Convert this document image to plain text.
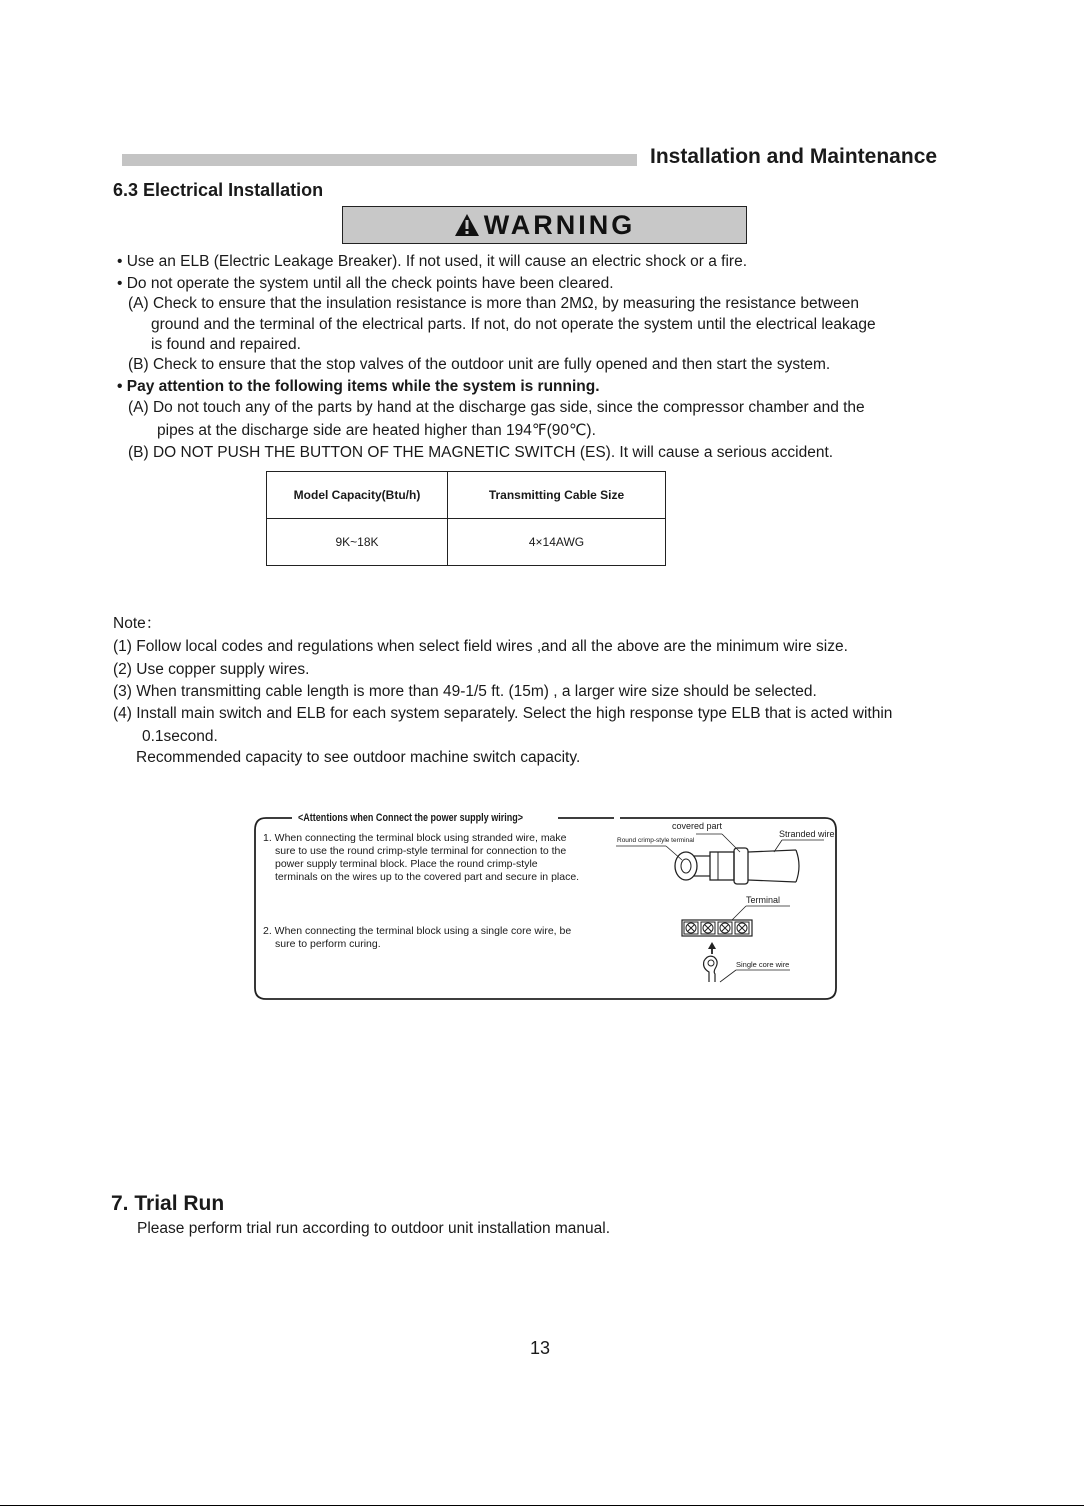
Installation and Maintenance
6.3 Electrical Installation
WARNING
• Use an ELB (Electric Leakage Breaker). If not used, it will cause an electric shock or a fire.
• Do not operate the system until all the check points have been cleared.
(A) Check to ensure that the insulation resistance is more than 2MΩ, by measuring the resistance between
ground and the terminal of the electrical parts. If not, do not operate the system until the electrical leakage
is found and repaired.
(B) Check to ensure that the stop valves of the outdoor unit are fully opened and then start the system.
• Pay attention to the following items while the system is running.
(A) Do not touch any of the parts by hand at the discharge gas side, since the compressor chamber and the
pipes at the discharge side are heated higher than 194℉(90℃).
(B) DO NOT PUSH THE BUTTON OF THE MAGNETIC SWITCH (ES). It will cause a serious accident.
Model Capacity(Btu/h)	Transmitting Cable Size
9K~18K	4×14AWG
Note：
(1) Follow local codes and regulations when select field wires ,and all the above are the minimum wire size.
(2) Use copper supply wires.
(3) When transmitting cable length is more than 49-1/5 ft. (15m) , a larger wire size should be selected.
(4) Install main switch and ELB for each system separately. Select the high response type ELB that is acted within
0.1second.
Recommended capacity to see outdoor machine switch capacity.
<Attentions when Connect the power supply wiring>
1. When connecting the terminal block using stranded wire, make
sure to use the round crimp-style terminal for connection to the
power supply terminal block. Place the round crimp-style
terminals on the wires up to the covered part and secure in place.
2. When connecting the terminal block using a single core wire, be
sure to perform curing.
covered part
Round crimp-style terminal
Stranded wire
Terminal
Single core wire
7. Trial Run
Please perform trial run according to outdoor unit installation manual.
13
